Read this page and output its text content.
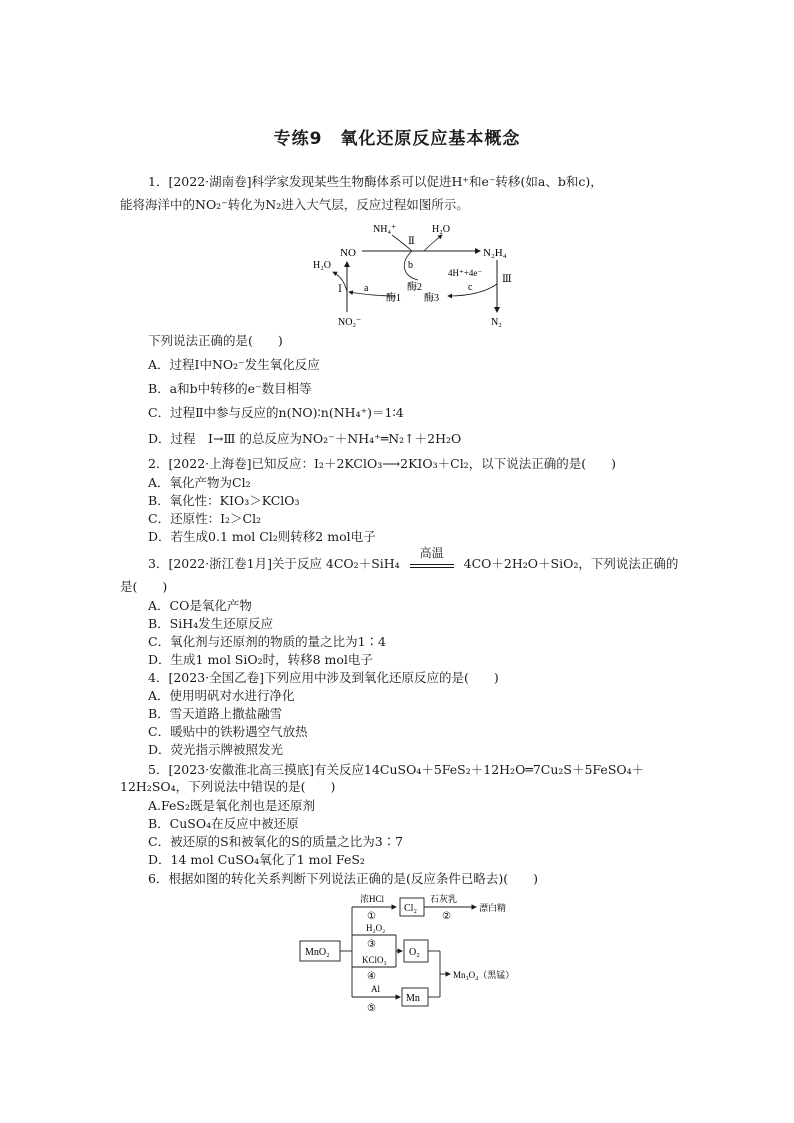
专练9　氧化还原反应基本概念
1．[2022·湖南卷]科学家发现某些生物酶体系可以促进H⁺和e⁻转移(如a、b和c)，
能将海洋中的NO₂⁻转化为N₂进入大气层，反应过程如图所示。
NO
NH₄⁺	H₂O
N₂H₄
H₂O
Ⅱ
b
酶2
Ⅰ a
酶1
Ⅲ
4H⁺+4e⁻
c
酶3
NO₂⁻	N₂
下列说法正确的是(　　)
A．过程Ⅰ中NO₂⁻发生氧化反应
B．a和b中转移的e⁻数目相等
C．过程Ⅱ中参与反应的n(NO)∶n(NH₄⁺)＝1∶4
D．过程　Ⅰ→Ⅲ 的总反应为NO₂⁻＋NH₄⁺═N₂↑＋2H₂O
2．[2022·上海卷]已知反应：I₂＋2KClO₃⟶2KIO₃＋Cl₂，以下说法正确的是(　　)
A．氧化产物为Cl₂
B．氧化性：KIO₃＞KClO₃
C．还原性：I₂＞Cl₂
D．若生成0.1 mol Cl₂则转移2 mol电子
3．[2022·浙江卷1月]关于反应 4CO₂＋SiH₄
高温
4CO＋2H₂O＋SiO₂，下列说法正确的
是(　　)
A．CO是氧化产物
B．SiH₄发生还原反应
C．氧化剂与还原剂的物质的量之比为1∶4
D．生成1 mol SiO₂时，转移8 mol电子
4．[2023·全国乙卷]下列应用中涉及到氧化还原反应的是(　　)
A．使用明矾对水进行净化
B．雪天道路上撒盐融雪
C．暖贴中的铁粉遇空气放热
D．荧光指示牌被照发光
5．[2023·安徽淮北高三摸底]有关反应14CuSO₄＋5FeS₂＋12H₂O═7Cu₂S＋5FeSO₄＋
12H₂SO₄，下列说法中错误的是(　　)
A.FeS₂既是氧化剂也是还原剂
B．CuSO₄在反应中被还原
C．被还原的S和被氧化的S的质量之比为3∶7
D．14 mol CuSO₄氧化了1 mol FeS₂
6．根据如图的转化关系判断下列说法正确的是(反应条件已略去)(　　)
MnO₂
浓HCl
①
Cl₂
石灰乳
②
漂白精
H₂O₂
③
KClO₃
④
O₂
Al
⑤
Mn
Mn₃O₄（黑锰）
